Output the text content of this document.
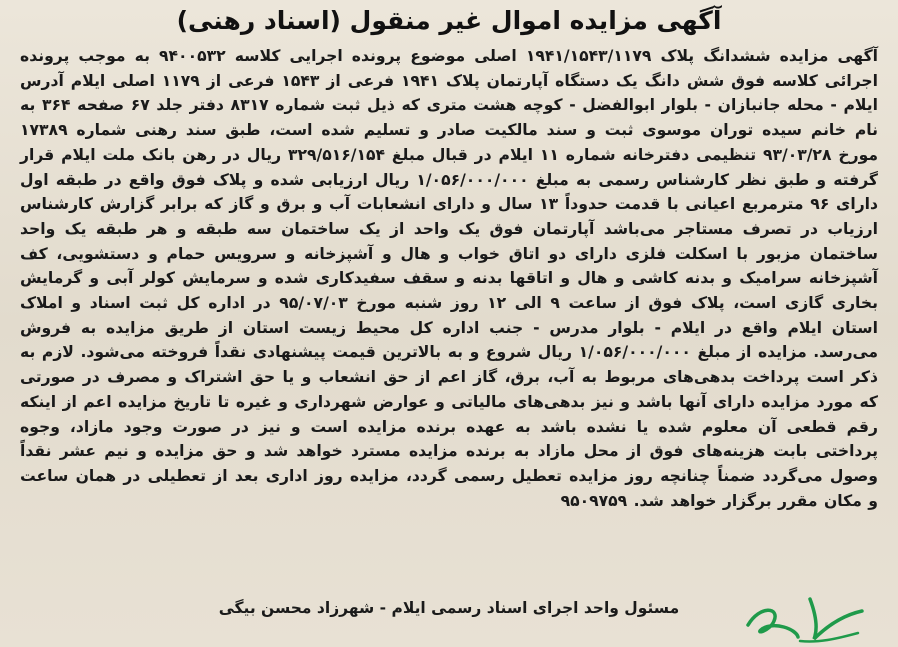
آگهی مزایده اموال غیر منقول (اسناد رهنی)
آگهی مزایده ششدانگ پلاک ۱۹۴۱/۱۵۴۳/۱۱۷۹ اصلی موضوع پرونده اجرایی کلاسه ۹۴۰۰۵۳۲ به موجب پرونده اجرائی کلاسه فوق شش دانگ یک دستگاه آپارتمان پلاک ۱۹۴۱ فرعی از ۱۵۴۳ فرعی از ۱۱۷۹ اصلی ایلام آدرس ایلام - محله جانبازان - بلوار ابوالفضل - کوچه هشت متری که ذیل ثبت شماره ۸۳۱۷ دفتر جلد ۶۷ صفحه ۳۶۴ به نام خانم سیده توران موسوی ثبت و سند مالکیت صادر و تسلیم شده است، طبق سند رهنی شماره ۱۷۳۸۹ مورخ ۹۳/۰۳/۲۸ تنظیمی دفترخانه شماره ۱۱ ایلام در قبال مبلغ ۳۲۹/۵۱۶/۱۵۴ ریال در رهن بانک ملت ایلام قرار گرفته و طبق نظر کارشناس رسمی به مبلغ ۱/۰۵۶/۰۰۰/۰۰۰ ریال ارزیابی شده و پلاک فوق واقع در طبقه اول دارای ۹۶ مترمربع اعیانی با قدمت حدوداً ۱۳ سال و دارای انشعابات آب و برق و گاز که برابر گزارش کارشناس ارزیاب در تصرف مستاجر می‌باشد آپارتمان فوق یک واحد از یک ساختمان سه طبقه و هر طبقه یک واحد ساختمان مزبور با اسکلت فلزی دارای دو اتاق خواب و هال و آشپزخانه و سرویس حمام و دستشویی، کف آشپزخانه سرامیک و بدنه کاشی و هال و اتاقها بدنه و سقف سفیدکاری شده و سرمایش کولر آبی و گرمایش بخاری گازی است، پلاک فوق از ساعت ۹ الی ۱۲ روز شنبه مورخ ۹۵/۰۷/۰۳ در اداره کل ثبت اسناد و املاک استان ایلام واقع در ایلام - بلوار مدرس - جنب اداره کل محیط زیست استان از طریق مزایده به فروش می‌رسد. مزایده از مبلغ ۱/۰۵۶/۰۰۰/۰۰۰ ریال شروع و به بالاترین قیمت پیشنهادی نقداً فروخته می‌شود. لازم به ذکر است پرداخت بدهی‌های مربوط به آب، برق، گاز اعم از حق انشعاب و یا حق اشتراک و مصرف در صورتی که مورد مزایده دارای آنها باشد و نیز بدهی‌های مالیاتی و عوارض شهرداری و غیره تا تاریخ مزایده اعم از اینکه رقم قطعی آن معلوم شده یا نشده باشد به عهده برنده مزایده است و نیز در صورت وجود مازاد، وجوه پرداختی بابت هزینه‌های فوق از محل مازاد به برنده مزایده مسترد خواهد شد و حق مزایده و نیم عشر نقداً وصول می‌گردد ضمناً چنانچه روز مزایده تعطیل رسمی گردد، مزایده روز اداری بعد از تعطیلی در همان ساعت و مکان مقرر برگزار خواهد شد. ۹۵۰۹۷۵۹
مسئول واحد اجرای اسناد رسمی ایلام - شهرزاد محسن بیگی
